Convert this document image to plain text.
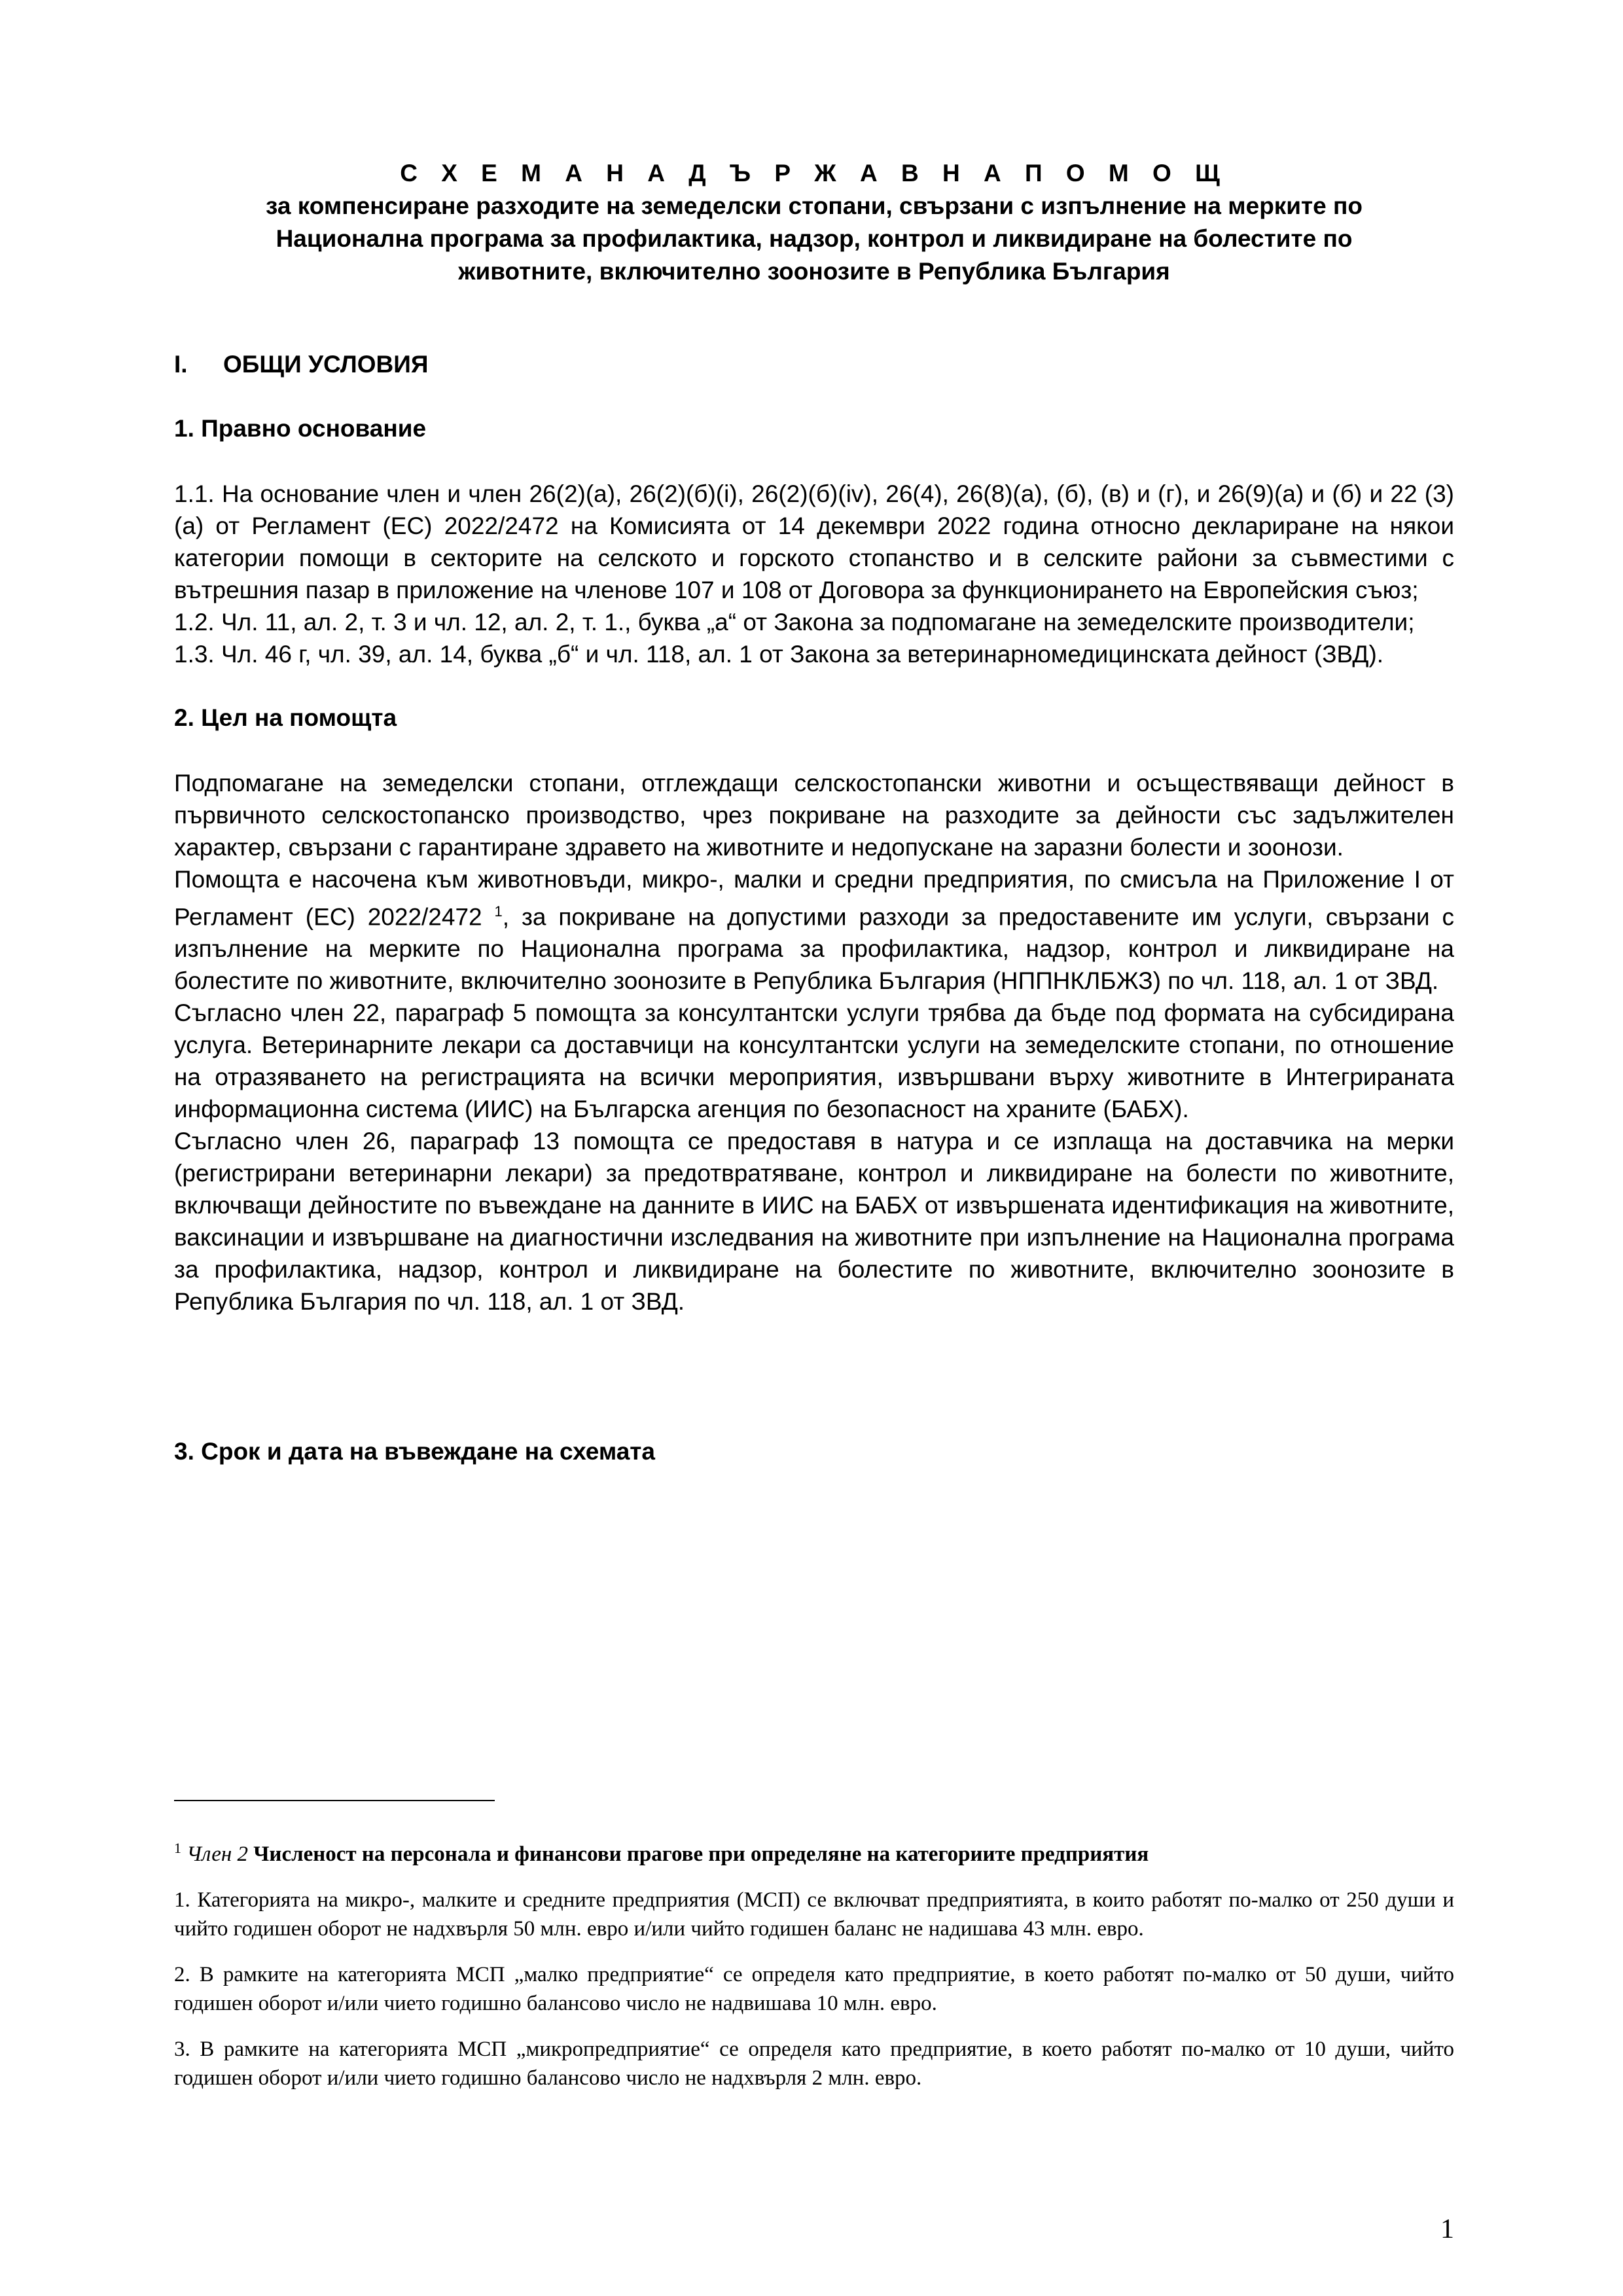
С Х Е М А Н А Д Ъ Р Ж А В Н А П О М О Щ
за компенсиране разходите на земеделски стопани, свързани с изпълнение на мерките по
Национална програма за профилактика, надзор, контрол и ликвидиране на болестите по
животните, включително зоонозите в Република България
I. ОБЩИ УСЛОВИЯ
1. Правно основание

1.1. На основание член и член 26(2)(а), 26(2)(б)(i), 26(2)(б)(iv), 26(4), 26(8)(а), (б), (в) и (г), и 26(9)(а) и (б) и 22 (3)(а) от Регламент (ЕС) 2022/2472 на Комисията от 14 декември 2022 година относно деклариране на някои категории помощи в секторите на селското и горското стопанство и в селските райони за съвместими с вътрешния пазар в приложение на членове 107 и 108 от Договора за функционирането на Европейския съюз;

1.2. Чл. 11, ал. 2, т. 3 и чл. 12, ал. 2, т. 1., буква „а“ от Закона за подпомагане на земеделските производители;

1.3. Чл. 46 г, чл. 39, ал. 14, буква „б“ и чл. 118, ал. 1 от Закона за ветеринарномедицинската дейност (ЗВД).

2. Цел на помощта

Подпомагане на земеделски стопани, отглеждащи селскостопански животни и осъществяващи дейност в първичното селскостопанско производство, чрез покриване на разходите за дейности със задължителен характер, свързани с гарантиране здравето на животните и недопускане на заразни болести и зоонози.

Помощта е насочена към животновъди, микро-, малки и средни предприятия, по смисъла на Приложение I от Регламент (ЕС) 2022/2472 $^1$, за покриване на допустими разходи за предоставените им услуги, свързани с изпълнение на мерките по Национална програма за профилактика, надзор, контрол и ликвидиране на болестите по животните, включително зоонозите в Република България (НППНКЛБЖЗ) по чл. 118, ал. 1 от ЗВД.

Съгласно член 22, параграф 5 помощта за консултантски услуги трябва да бъде под формата на субсидирана услуга. Ветеринарните лекари са доставчици на консултантски услуги на земеделските стопани, по отношение на отразяването на регистрацията на всички мероприятия, извършвани върху животните в Интегрираната информационна система (ИИС) на Българска агенция по безопасност на храните (БАБХ).

Съгласно член 26, параграф 13 помощта се предоставя в натура и се изплаща на доставчика на мерки (регистрирани ветеринарни лекари) за предотвратяване, контрол и ликвидиране на болести по животните, включващи дейностите по въвеждане на данните в ИИС на БАБХ от извършената идентификация на животните, ваксинации и извършване на диагностични изследвания на животните при изпълнение на Национална програма за профилактика, надзор, контрол и ликвидиране на болестите по животните, включително зоонозите в Република България по чл. 118, ал. 1 от ЗВД.

3. Срок и дата на въвеждане на схемата

$^1$ Член 2 Численост на персонала и финансови прагове при определяне на категориите предприятия

1. Категорията на микро-, малките и средните предприятия (МСП) се включват предприятията, в които работят по-малко от 250 души и чийто годишен оборот не надхвърля 50 млн. евро и/или чийто годишен баланс не надишава 43 млн. евро.

2. В рамките на категорията МСП „малко предприятие“ се определя като предприятие, в което работят по-малко от 50 души, чийто годишен оборот и/или чието годишно балансово число не надвишава 10 млн. евро.

3. В рамките на категорията МСП „микропредприятие“ се определя като предприятие, в което работят по-малко от 10 души, чийто годишен оборот и/или чието годишно балансово число не надхвърля 2 млн. евро.

1
